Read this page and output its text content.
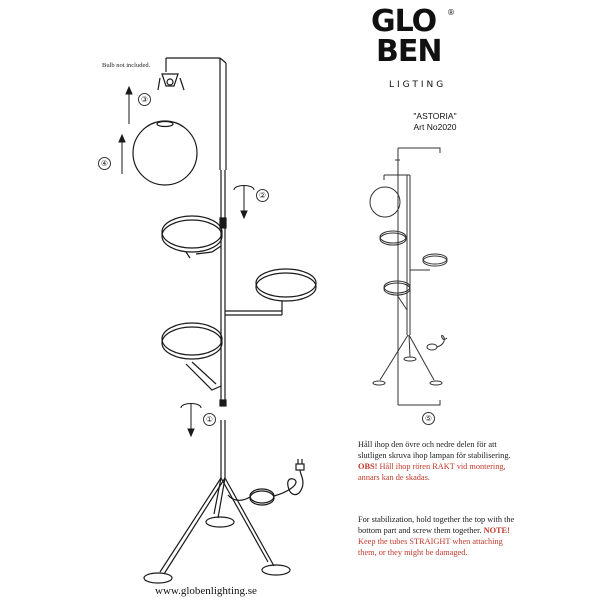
GLO
BEN
®
LIGTING
"ASTORIA"
Art No2020
Bulb not included.
①
②
③
④
⑤
Håll ihop den övre och nedre delen för att slutligen skruva ihop lampan för stabilisering. OBS! Håll ihop rören RAKT vid montering, annars kan de skadas.
For stabilization, hold together the top with the bottom part and screw them together. NOTE! Keep the tubes STRAIGHT when attaching them, or they might be damaged.
www.globenlighting.se
